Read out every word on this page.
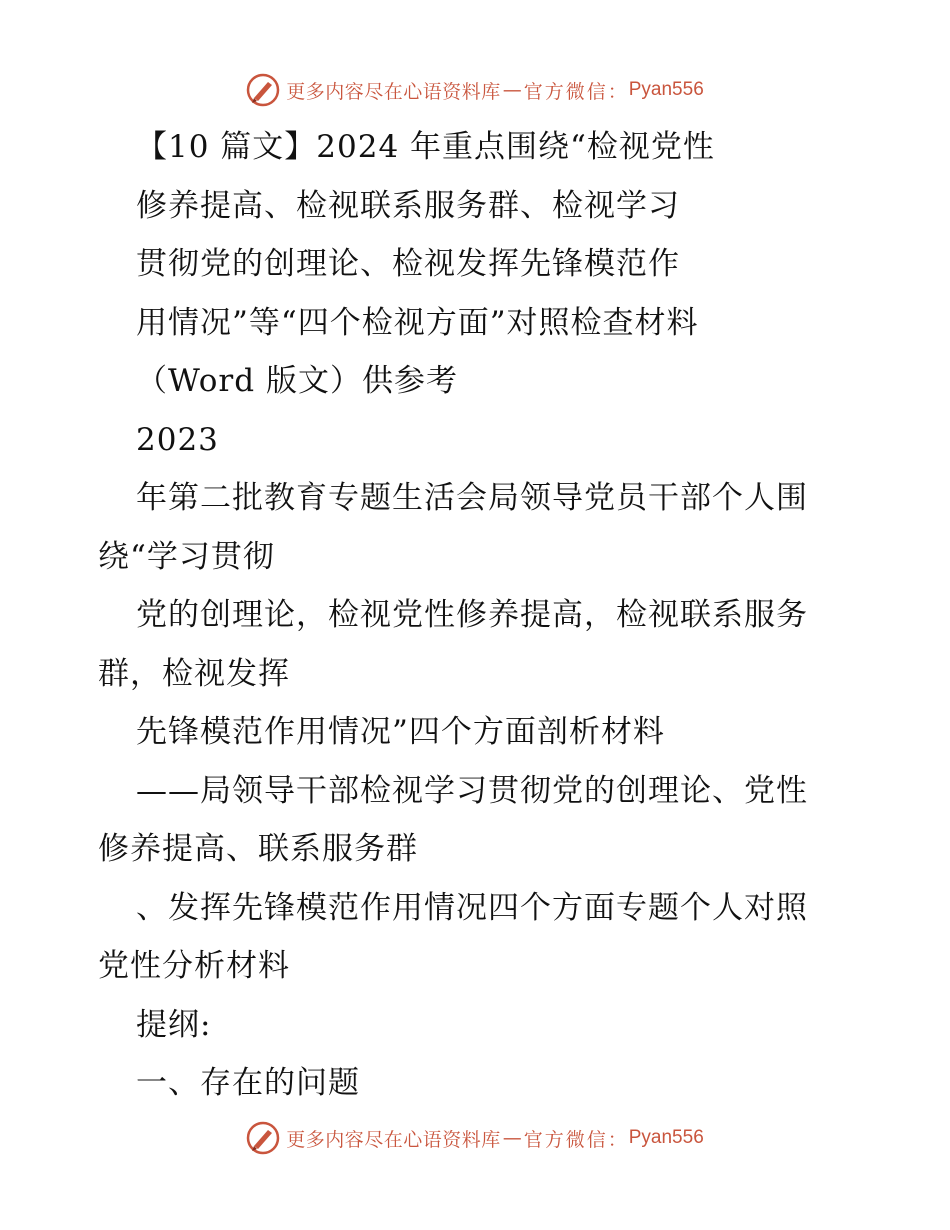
更多内容尽在心语资料库 — 官方微信： Pyan556
【10 篇文】2024 年重点围绕“检视党性
修养提高、检视联系服务群、检视学习
贯彻党的创理论、检视发挥先锋模范作
用情况”等“四个检视方面”对照检查材料
（Word 版文）供参考
2023
年第二批教育专题生活会局领导党员干部个人围
绕“学习贯彻
党的创理论，检视党性修养提高，检视联系服务
群，检视发挥
先锋模范作用情况”四个方面剖析材料
——局领导干部检视学习贯彻党的创理论、党性
修养提高、联系服务群
、发挥先锋模范作用情况四个方面专题个人对照
党性分析材料
提纲:
一、存在的问题
更多内容尽在心语资料库 — 官方微信： Pyan556
